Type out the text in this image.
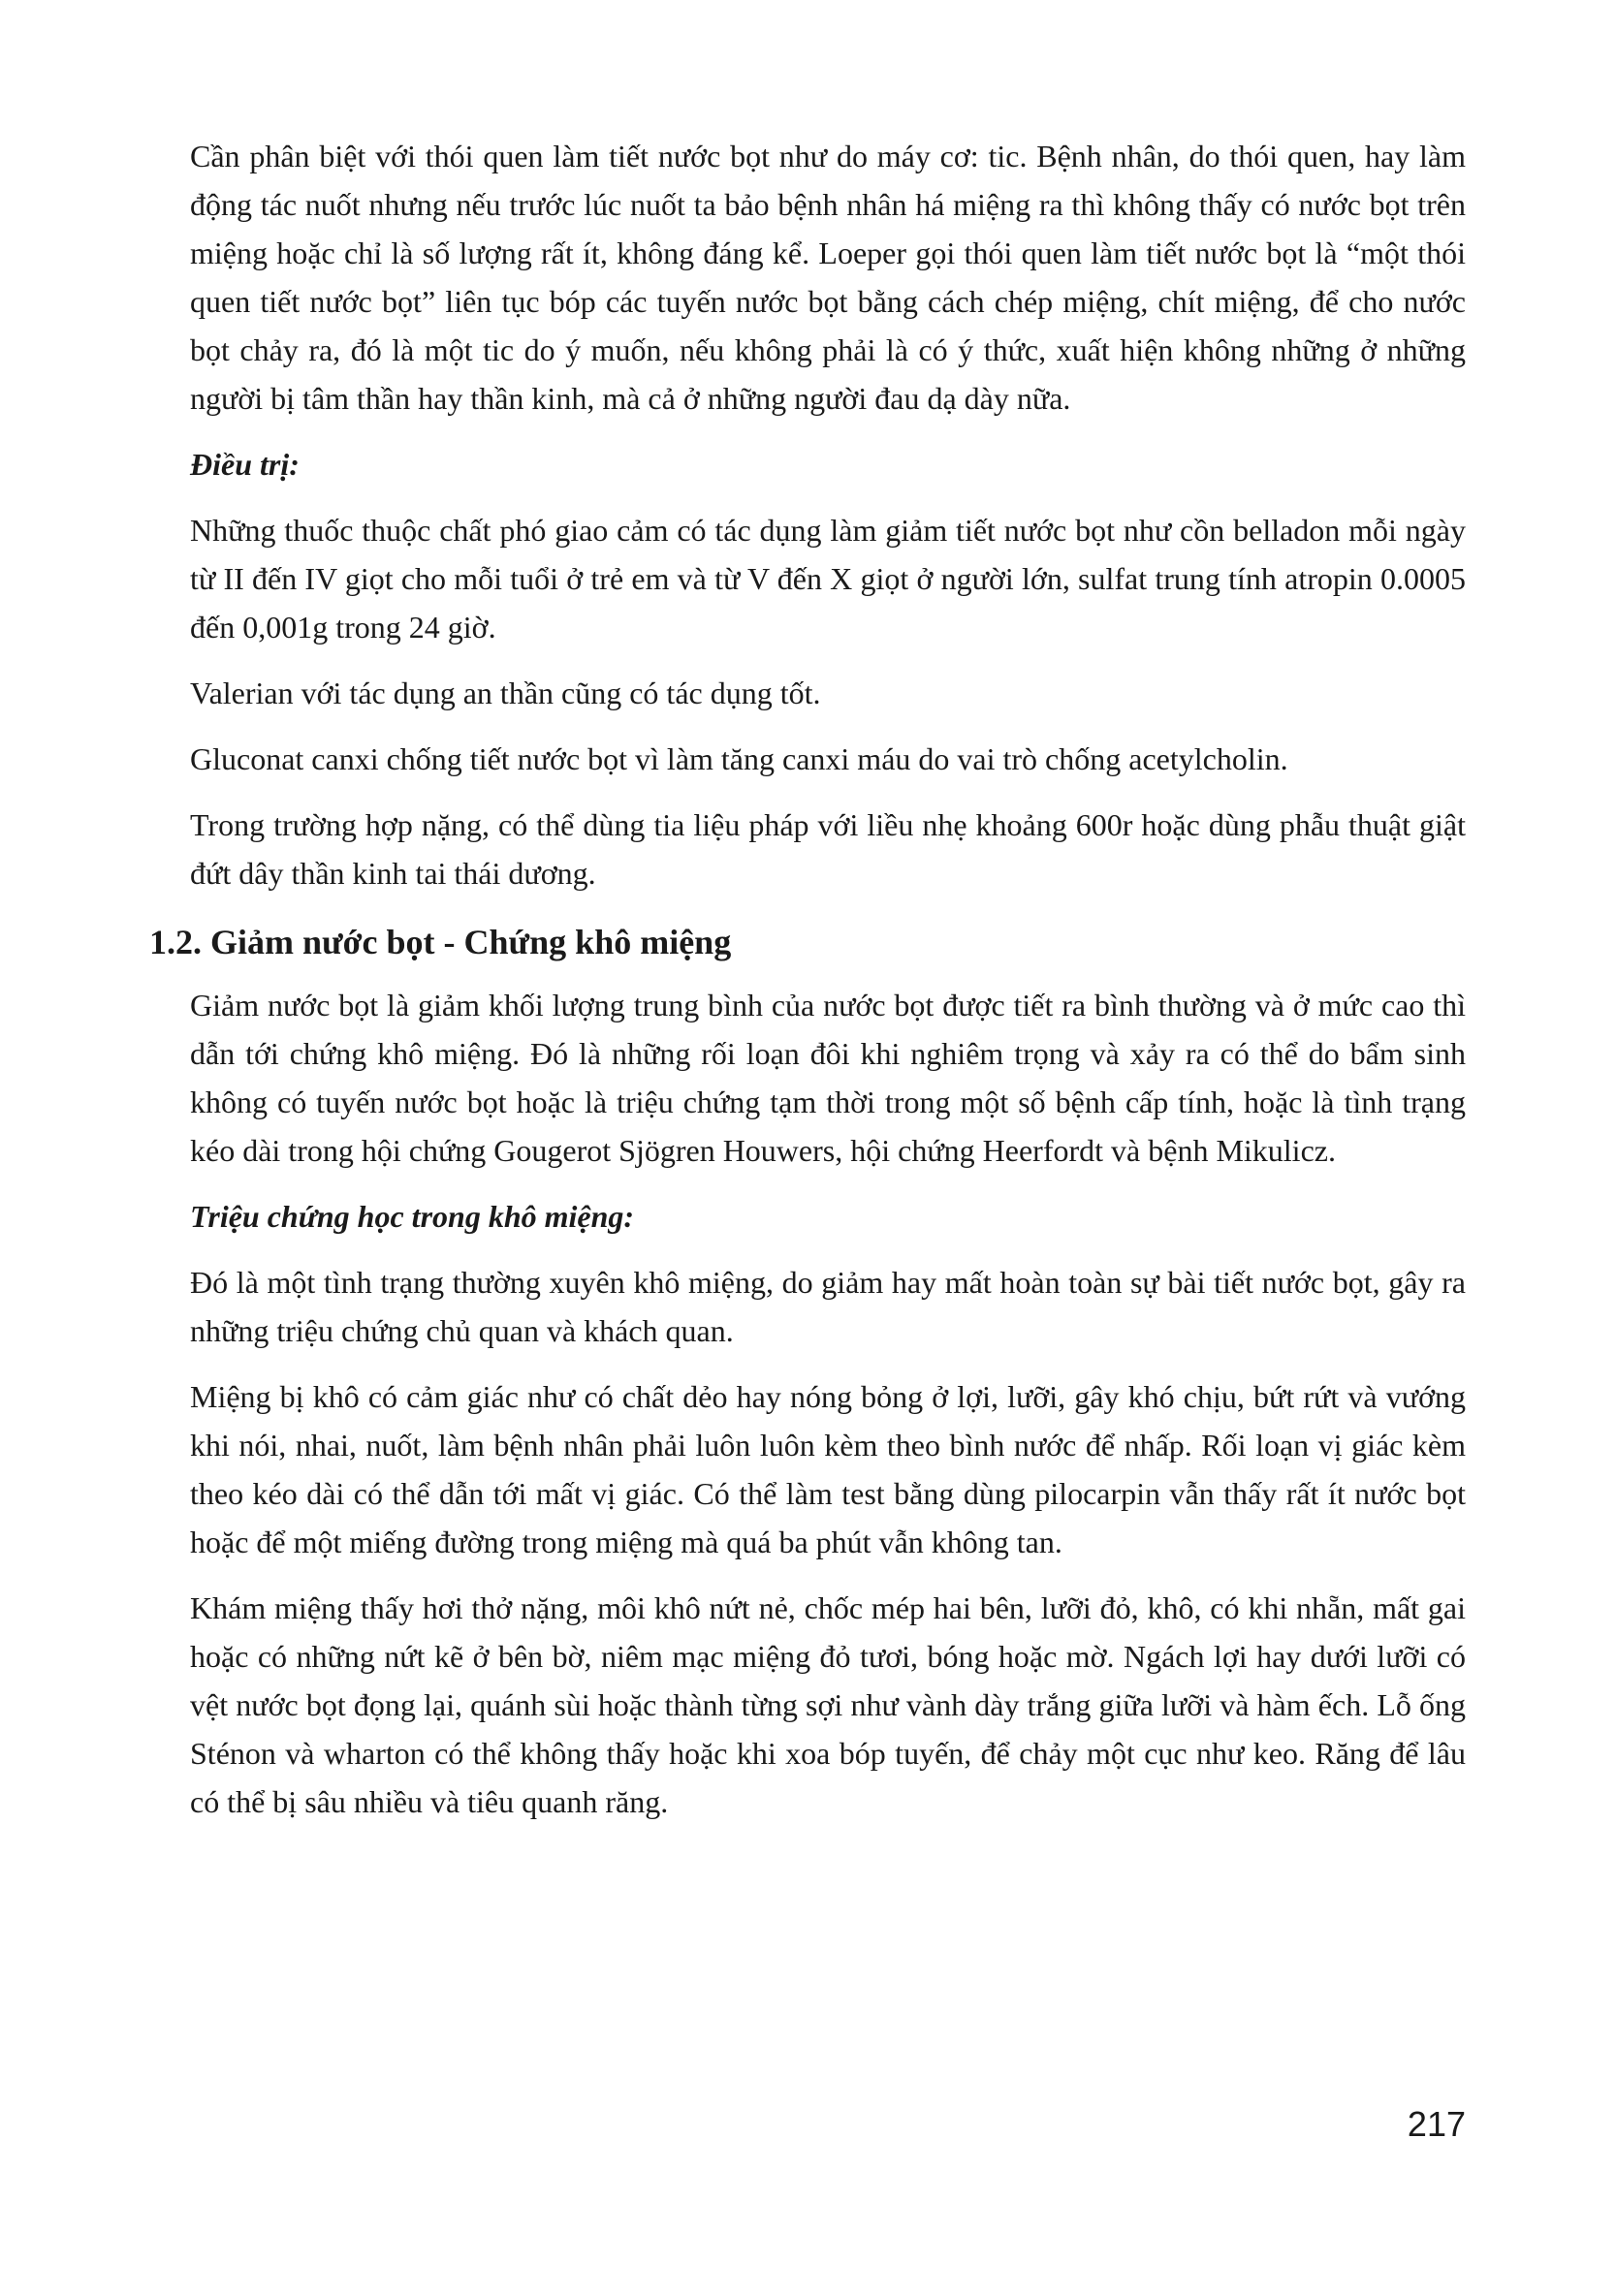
Cần phân biệt với thói quen làm tiết nước bọt như do máy cơ: tic. Bệnh nhân, do thói quen, hay làm động tác nuốt nhưng nếu trước lúc nuốt ta bảo bệnh nhân há miệng ra thì không thấy có nước bọt trên miệng hoặc chỉ là số lượng rất ít, không đáng kể. Loeper gọi thói quen làm tiết nước bọt là “một thói quen tiết nước bọt” liên tục bóp các tuyến nước bọt bằng cách chép miệng, chít miệng, để cho nước bọt chảy ra, đó là một tic do ý muốn, nếu không phải là có ý thức, xuất hiện không những ở những người bị tâm thần hay thần kinh, mà cả ở những người đau dạ dày nữa.

Điều trị:

Những thuốc thuộc chất phó giao cảm có tác dụng làm giảm tiết nước bọt như cồn belladon mỗi ngày từ II đến IV giọt cho mỗi tuổi ở trẻ em và từ V đến X giọt ở người lớn, sulfat trung tính atropin 0.0005 đến 0,001g trong 24 giờ.

Valerian với tác dụng an thần cũng có tác dụng tốt.

Gluconat canxi chống tiết nước bọt vì làm tăng canxi máu do vai trò chống acetylcholin.

Trong trường hợp nặng, có thể dùng tia liệu pháp với liều nhẹ khoảng 600r hoặc dùng phẫu thuật giật đứt dây thần kinh tai thái dương.

1.2. Giảm nước bọt - Chứng khô miệng

Giảm nước bọt là giảm khối lượng trung bình của nước bọt được tiết ra bình thường và ở mức cao thì dẫn tới chứng khô miệng. Đó là những rối loạn đôi khi nghiêm trọng và xảy ra có thể do bẩm sinh không có tuyến nước bọt hoặc là triệu chứng tạm thời trong một số bệnh cấp tính, hoặc là tình trạng kéo dài trong hội chứng Gougerot Sjögren Houwers, hội chứng Heerfordt và bệnh Mikulicz.

Triệu chứng học trong khô miệng:

Đó là một tình trạng thường xuyên khô miệng, do giảm hay mất hoàn toàn sự bài tiết nước bọt, gây ra những triệu chứng chủ quan và khách quan.

Miệng bị khô có cảm giác như có chất dẻo hay nóng bỏng ở lợi, lưỡi, gây khó chịu, bứt rứt và vướng khi nói, nhai, nuốt, làm bệnh nhân phải luôn luôn kèm theo bình nước để nhấp. Rối loạn vị giác kèm theo kéo dài có thể dẫn tới mất vị giác. Có thể làm test bằng dùng pilocarpin vẫn thấy rất ít nước bọt hoặc để một miếng đường trong miệng mà quá ba phút vẫn không tan.

Khám miệng thấy hơi thở nặng, môi khô nứt nẻ, chốc mép hai bên, lưỡi đỏ, khô, có khi nhẵn, mất gai hoặc có những nứt kẽ ở bên bờ, niêm mạc miệng đỏ tươi, bóng hoặc mờ. Ngách lợi hay dưới lưỡi có vệt nước bọt đọng lại, quánh sùi hoặc thành từng sợi như vành dày trắng giữa lưỡi và hàm ếch. Lỗ ống Sténon và wharton có thể không thấy hoặc khi xoa bóp tuyến, để chảy một cục như keo. Răng để lâu có thể bị sâu nhiều và tiêu quanh răng.

217
